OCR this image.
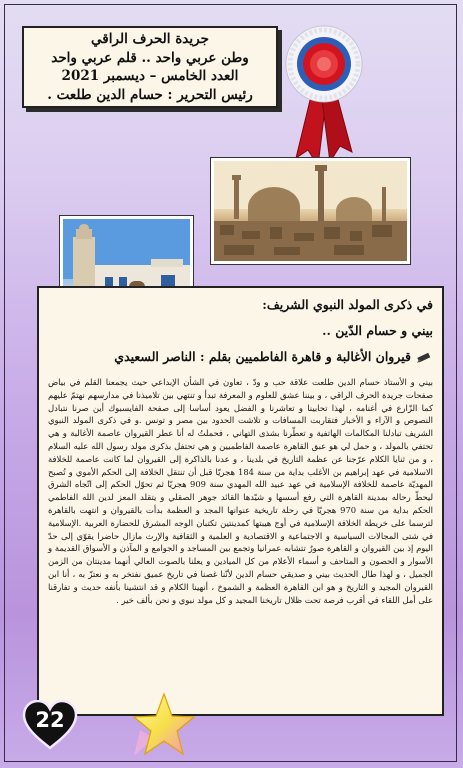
جريدة الحرف الراقي
وطن عربي واحد .. قلم عربي واحد
العدد الخامس – ديسمبر 2021
رئيس التحرير : حسام الدين طلعت .
في ذكرى المولد النبوي الشريف:
بيني و حسام الدّين ..
قيروان الأغالبة و قاهرة الفاطميين بقلم : الناصر السعيدي

بيني و الأستاذ حسام الدين طلعت علاقة حب و ودّ ، تعاون في الشأن الإبداعي حيث يجمعنا القلم في بياض صفحات جريدة الحرف الراقي ، و بيننا عشق للعلوم و المعرفة تبدأ و تنتهي بين تلاميذنا في مدارسهم نهتمّ عليهم كما الزّارع في أغنامه ، لهذا تحابينا و تعاشرنا و الفضل يعود أساسا إلى صفحة الفايسبوك أين صرنا نتبادل النصوص و الآراء و الأخبار فتقاربت المسافات و تلاشت الحدود بين مصر و تونس .و في ذكرى المولد النبوي الشريف تبادلنا المكالمات الهاتفية و تعطّرنا بشذى التهاني ، فحملتُ له أنا عطر القيروان عاصمة الأغالبة و هي تحتفي بالمولد ، و حمل لي هو عبق القاهرة عاصمة الفاطميين و هي تحتفل بذكرى مولد رسول الله عليه السلام ، و من ثنايا الكلام عرّجنا عن عظمة التاريخ في بلدينا ، و عدنا بالذاكرة إلى القيروان لما كانت عاصمة للخلافة الاسلامية في عهد إبراهيم بن الأغلب بداية من سنة 184 هجريّا قبل أن تنتقل الخلافة إلى الحكم الأموي و تُصبح المهديّة عاصمة للخلافة الإسلامية في عهد عبيد الله المهدي سنة 909 هجريّا ثم تحوّل الحكم إلى اتّجاه الشرق ليحطّ رحاله بمدينة القاهرة التي رفع أسسها و شيّدها القائد جوهر الصقلي و يتقلد المعز لدين الله الفاطمي الحكم بداية من سنة 970 هجريّا في رحلة تاريخية عنوانها المجد و العظمة بدأت بالقيروان و انتهت بالقاهرة لترسما على خريطة الخلافة الإسلامية في أوج هيبتها كمدينتين تكتبان الوجه المشرق للحضارة العربية .الإسلامية في شتى المجالات السياسية و الاجتماعية و الاقتصادية و العلمية و الثقافية والإرث مازال حاضرا يقوّي إلى حدّ اليوم إذ بين القيروان و القاهرة صورٌ تتشابه عمرانيا وتجمع بين المساجد و الجوامع و المآذن و الأسواق القديمة و الأسوار و الحصون و المتاحف و أسماء الأعلام من كل الميادين و يعلنا بالصوت العالي أنهما مدينتان من الزمن الجميل ، و لهذا طال الحديث بيني و صديقي حسام الدين لأنّنا غصنا في تاريخ عميق نفتخر به و نعتزّ به ، أنا ابن القيروان المجيد و التاريخ و هو ابن القاهرة العظمة و الشموخ ، أنهينا الكلام و قد انتشينا بأنفه حديث و تفارقنا على أمل اللقاء في أقرب فرصة تحت ظلال تاريخنا المجيد و كل مولد نبوي و نحن بألف خير .

22
